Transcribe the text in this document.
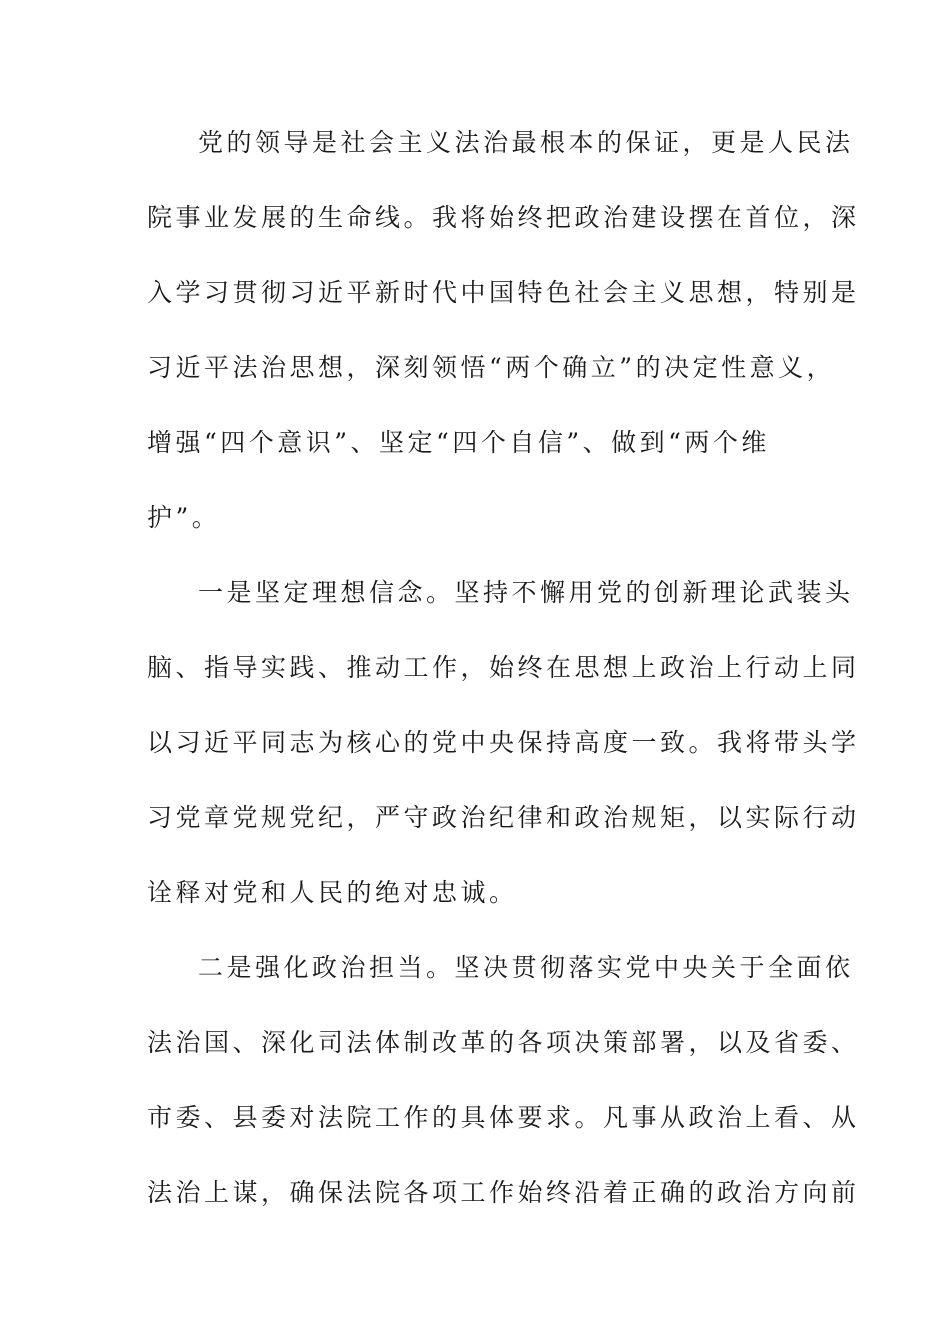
党的领导是社会主义法治最根本的保证，更是人民法
院事业发展的生命线。我将始终把政治建设摆在首位，深
入学习贯彻习近平新时代中国特色社会主义思想，特别是
习近平法治思想，深刻领悟“两个确立”的决定性意义，
增强“四个意识”、坚定“四个自信”、做到“两个维
护”。
一是坚定理想信念。坚持不懈用党的创新理论武装头
脑、指导实践、推动工作，始终在思想上政治上行动上同
以习近平同志为核心的党中央保持高度一致。我将带头学
习党章党规党纪，严守政治纪律和政治规矩，以实际行动
诠释对党和人民的绝对忠诚。
二是强化政治担当。坚决贯彻落实党中央关于全面依
法治国、深化司法体制改革的各项决策部署，以及省委、
市委、县委对法院工作的具体要求。凡事从政治上看、从
法治上谋，确保法院各项工作始终沿着正确的政治方向前
